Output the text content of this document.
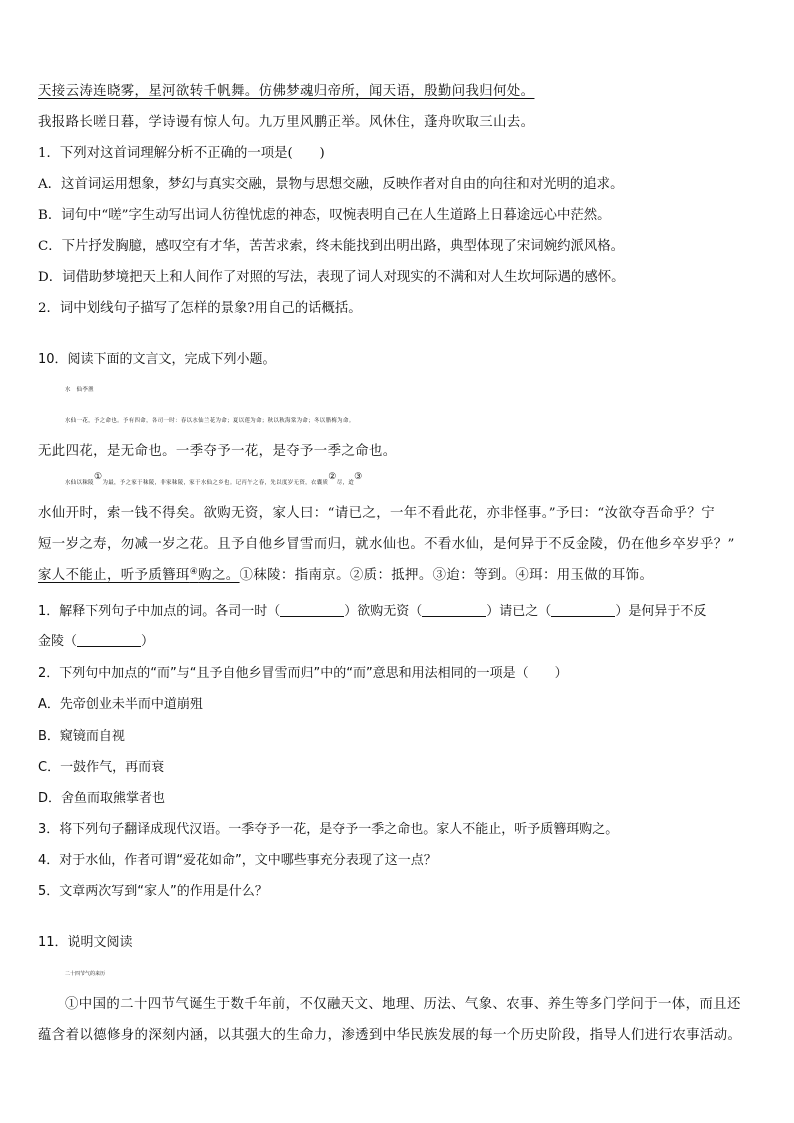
天接云涛连晓雾，星河欲转千帆舞。仿佛梦魂归帝所，闻天语，殷勤问我归何处。
我报路长嗟日暮，学诗谩有惊人句。九万里风鹏正举。风休住，蓬舟吹取三山去。
1．下列对这首词理解分析不正确的一项是(　　)
A．这首词运用想象，梦幻与真实交融，景物与思想交融，反映作者对自由的向往和对光明的追求。
B．词句中“嗟”字生动写出词人彷徨忧虑的神态，叹惋表明自己在人生道路上日暮途远心中茫然。
C．下片抒发胸臆，感叹空有才华，苦苦求索，终未能找到出明出路，典型体现了宋词婉约派风格。
D．词借助梦境把天上和人间作了对照的写法，表现了词人对现实的不满和对人生坎坷际遇的感怀。
2．词中划线句子描写了怎样的景象?用自己的话概括。
10．阅读下面的文言文，完成下列小题。
水　仙李渔
水仙一花，予之命也。予有四命，各司一时：春以水仙兰花为命；夏以莲为命；秋以秋海棠为命；冬以腊梅为命。
无此四花，是无命也。一季夺予一花，是夺予一季之命也。
水仙以秣陵①为最，予之家于秣陵，非家秣陵，家于水仙之乡也。记丙午之春，先以度岁无资，衣囊质②尽，迨③
水仙开时，索一钱不得矣。欲购无资，家人曰：“请已之，一年不看此花，亦非怪事。”予曰：“汝欲夺吾命乎？宁
短一岁之寿，勿减一岁之花。且予自他乡冒雪而归，就水仙也。不看水仙，是何异于不反金陵，仍在他乡卒岁乎？”
家人不能止，听予质簪珥④购之。①秣陵：指南京。②质：抵押。③迨：等到。④珥：用玉做的耳饰。
1．解释下列句子中加点的词。各司一时（	）欲购无资（	）请已之（	）是何异于不反
金陵（	）
2．下列句中加点的“而”与“且予自他乡冒雪而归”中的“而”意思和用法相同的一项是（　　）
A．先帝创业未半而中道崩殂
B．窥镜而自视
C．一鼓作气，再而衰
D．舍鱼而取熊掌者也
3．将下列句子翻译成现代汉语。一季夺予一花，是夺予一季之命也。家人不能止，听予质簪珥购之。
4．对于水仙，作者可谓“爱花如命”，文中哪些事充分表现了这一点？
5．文章两次写到“家人”的作用是什么？
11．说明文阅读
二十四节气的来历
①中国的二十四节气诞生于数千年前，不仅融天文、地理、历法、气象、农事、养生等多门学问于一体，而且还
蕴含着以德修身的深刻内涵，以其强大的生命力，渗透到中华民族发展的每一个历史阶段，指导人们进行农事活动。
